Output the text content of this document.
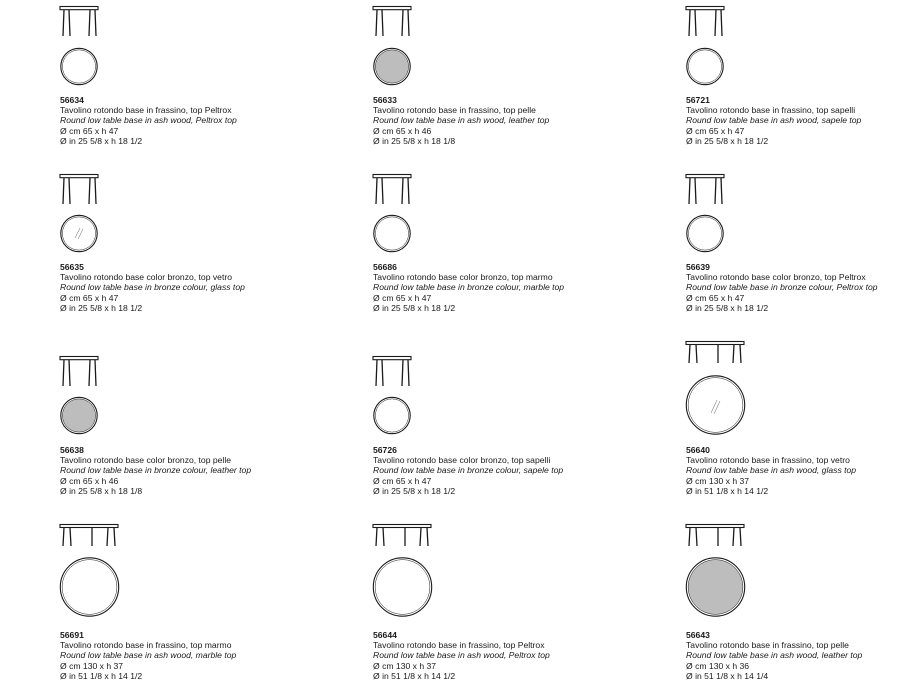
56634
Tavolino rotondo base in frassino, top Peltrox
Round low table base in ash wood, Peltrox top
Ø cm 65 x h 47
Ø in 25 5/8 x h 18 1/2
56633
Tavolino rotondo base in frassino, top pelle
Round low table base in ash wood, leather top
Ø cm 65 x h 46
Ø in 25 5/8 x h 18 1/8
56721
Tavolino rotondo base in frassino, top sapelli
Round low table base in ash wood, sapele top
Ø cm 65 x h 47
Ø in 25 5/8 x h 18 1/2
56635
Tavolino rotondo base color bronzo, top vetro
Round low table base in bronze colour, glass top
Ø cm 65 x h 47
Ø in 25 5/8 x h 18 1/2
56686
Tavolino rotondo base color bronzo, top marmo
Round low table base in bronze colour, marble top
Ø cm 65 x h 47
Ø in 25 5/8 x h 18 1/2
56639
Tavolino rotondo base color bronzo, top Peltrox
Round low table base in bronze colour, Peltrox top
Ø cm 65 x h 47
Ø in 25 5/8 x h 18 1/2
56638
Tavolino rotondo base color bronzo, top pelle
Round low table base in bronze colour, leather top
Ø cm 65 x h 46
Ø in 25 5/8 x h 18 1/8
56726
Tavolino rotondo base color bronzo, top sapelli
Round low table base in bronze colour, sapele top
Ø cm 65 x h 47
Ø in 25 5/8 x h 18 1/2
56640
Tavolino rotondo base in frassino, top vetro
Round low table base in ash wood, glass top
Ø cm 130 x h 37
Ø in 51 1/8 x h 14 1/2
56691
Tavolino rotondo base in frassino, top marmo
Round low table base in ash wood, marble top
Ø cm 130 x h 37
Ø in 51 1/8 x h 14 1/2
56644
Tavolino rotondo base in frassino, top Peltrox
Round low table base in ash wood, Peltrox top
Ø cm 130 x h 37
Ø in 51 1/8 x h 14 1/2
56643
Tavolino rotondo base in frassino, top pelle
Round low table base in ash wood, leather top
Ø cm 130 x h 36
Ø in 51 1/8 x h 14 1/4
